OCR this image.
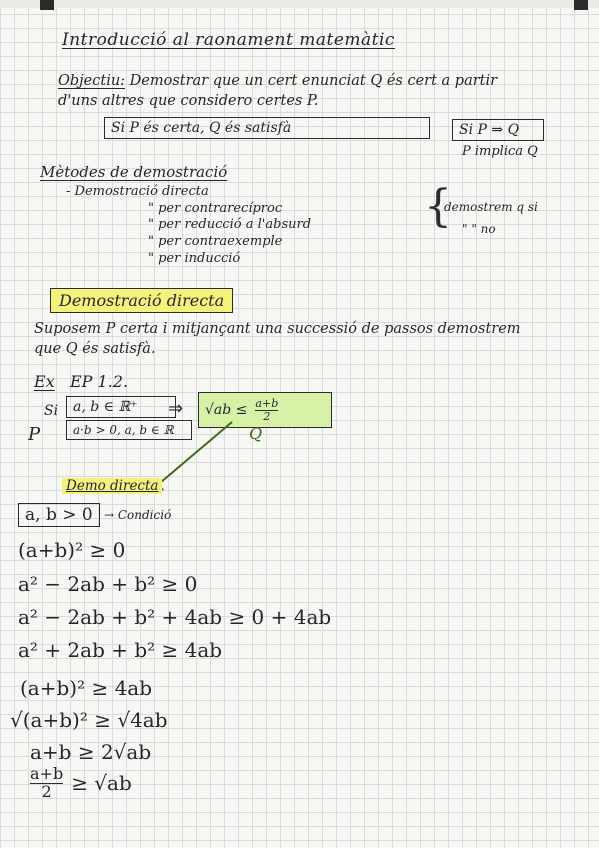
Introducció al raonament matemàtic
Objectiu: Demostrar que un cert enunciat Q és cert a partir
d'uns altres que considero certes P.
Si P és certa, Q és satisfà	Si P ⇒ Q
P implica Q
Mètodes de demostració
- Demostració directa
" per contrarecíproc
" per reducció a l'absurd
" per contraexemple
" per inducció
{
demostrem q si
" " no
Demostració directa
Suposem P certa i mitjançant una successió de passos demostrem
que Q és satisfà.
Ex EP 1.2.
Si	a, b ∈ ℝ⁺
a·b > 0, a, b ∈ ℝ
⇒
P
$√ab \le \frac{a+b}{2}$
Q
Demo directa
a, b > 0 → Condició
(a+b)² ≥ 0
a² − 2ab + b² ≥ 0
a² − 2ab + b² + 4ab ≥ 0 + 4ab
a² + 2ab + b² ≥ 4ab
(a+b)² ≥ 4ab
√(a+b)² ≥ √4ab
a+b ≥ 2√ab
$\frac{a+b}{2} \ge √ab$
